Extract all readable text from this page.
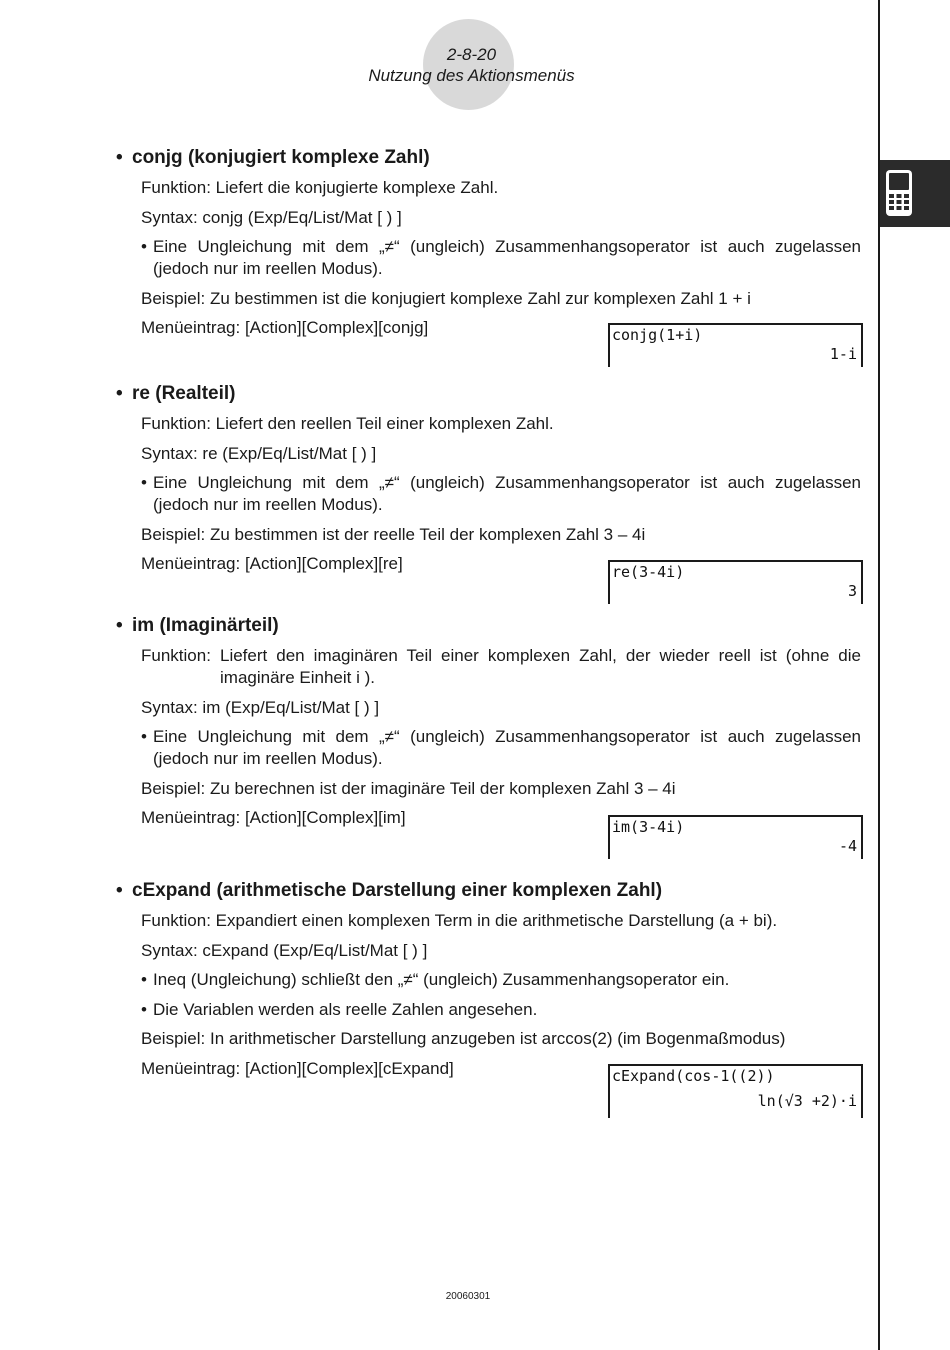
2-8-20
Nutzung des Aktionsmenüs
• conjg (konjugiert komplexe Zahl)
Funktion: Liefert die konjugierte komplexe Zahl.
Syntax: conjg (Exp/Eq/List/Mat [ ) ]
• Eine Ungleichung mit dem „≠“ (ungleich) Zusammenhangsoperator ist auch zugelassen (jedoch nur im reellen Modus).
Beispiel: Zu bestimmen ist die konjugiert komplexe Zahl zur komplexen Zahl 1 + i
Menüeintrag: [Action][Complex][conjg]	conjg(1+i)
1-i
• re (Realteil)
Funktion: Liefert den reellen Teil einer komplexen Zahl.
Syntax: re (Exp/Eq/List/Mat [ ) ]
• Eine Ungleichung mit dem „≠“ (ungleich) Zusammenhangsoperator ist auch zugelassen (jedoch nur im reellen Modus).
Beispiel: Zu bestimmen ist der reelle Teil der komplexen Zahl 3 – 4i
Menüeintrag: [Action][Complex][re]	re(3-4i)
3
• im (Imaginärteil)
Funktion: Liefert den imaginären Teil einer komplexen Zahl, der wieder reell ist (ohne die imaginäre Einheit i ).
Syntax: im (Exp/Eq/List/Mat [ ) ]
• Eine Ungleichung mit dem „≠“ (ungleich) Zusammenhangsoperator ist auch zugelassen (jedoch nur im reellen Modus).
Beispiel: Zu berechnen ist der imaginäre Teil der komplexen Zahl 3 – 4i
Menüeintrag: [Action][Complex][im]	im(3-4i)
-4
• cExpand (arithmetische Darstellung einer komplexen Zahl)
Funktion: Expandiert einen komplexen Term in die arithmetische Darstellung (a + bi).
Syntax: cExpand (Exp/Eq/List/Mat [ ) ]
• Ineq (Ungleichung) schließt den „≠“ (ungleich) Zusammenhangsoperator ein.
• Die Variablen werden als reelle Zahlen angesehen.
Beispiel: In arithmetischer Darstellung anzugeben ist arccos(2) (im Bogenmaßmodus)
Menüeintrag: [Action][Complex][cExpand]	cExpand(cos-1((2))
ln(√3 +2)·i
20060301
